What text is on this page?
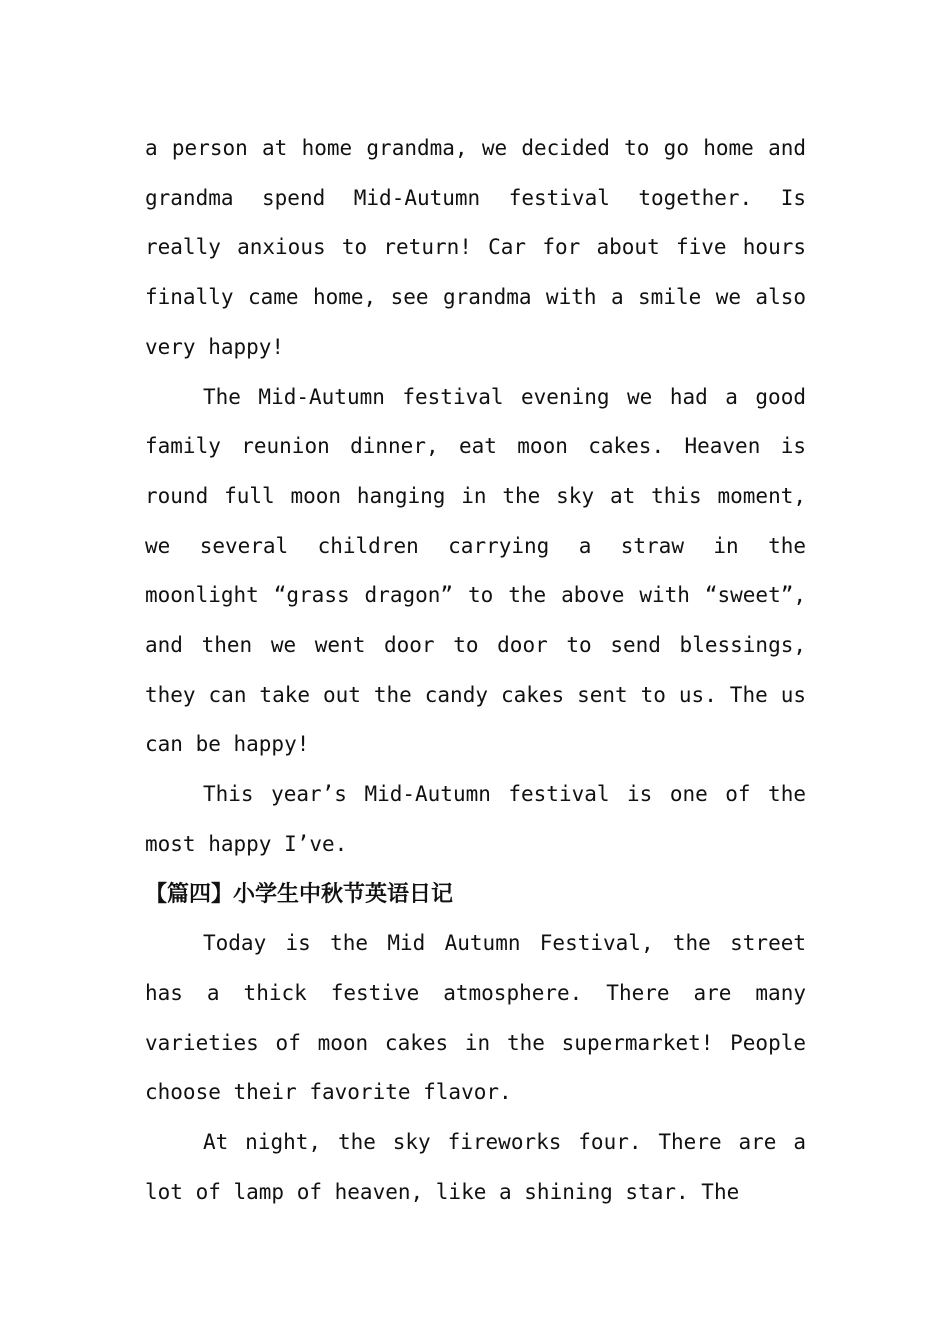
a person at home grandma, we decided to go home and grandma spend Mid-Autumn festival together. Is really anxious to return! Car for about five hours finally came home, see grandma with a smile we also very happy!

The Mid-Autumn festival evening we had a good family reunion dinner, eat moon cakes. Heaven is round full moon hanging in the sky at this moment, we several children carrying a straw in the moonlight “grass dragon” to the above with “sweet”, and then we went door to door to send blessings, they can take out the candy cakes sent to us. The us can be happy!

This year’s Mid-Autumn festival is one of the most happy I’ve.

【篇四】小学生中秋节英语日记

Today is the Mid Autumn Festival, the street has a thick festive atmosphere. There are many varieties of moon cakes in the supermarket! People choose their favorite flavor.

At night, the sky fireworks four. There are a lot of lamp of heaven, like a shining star. The
